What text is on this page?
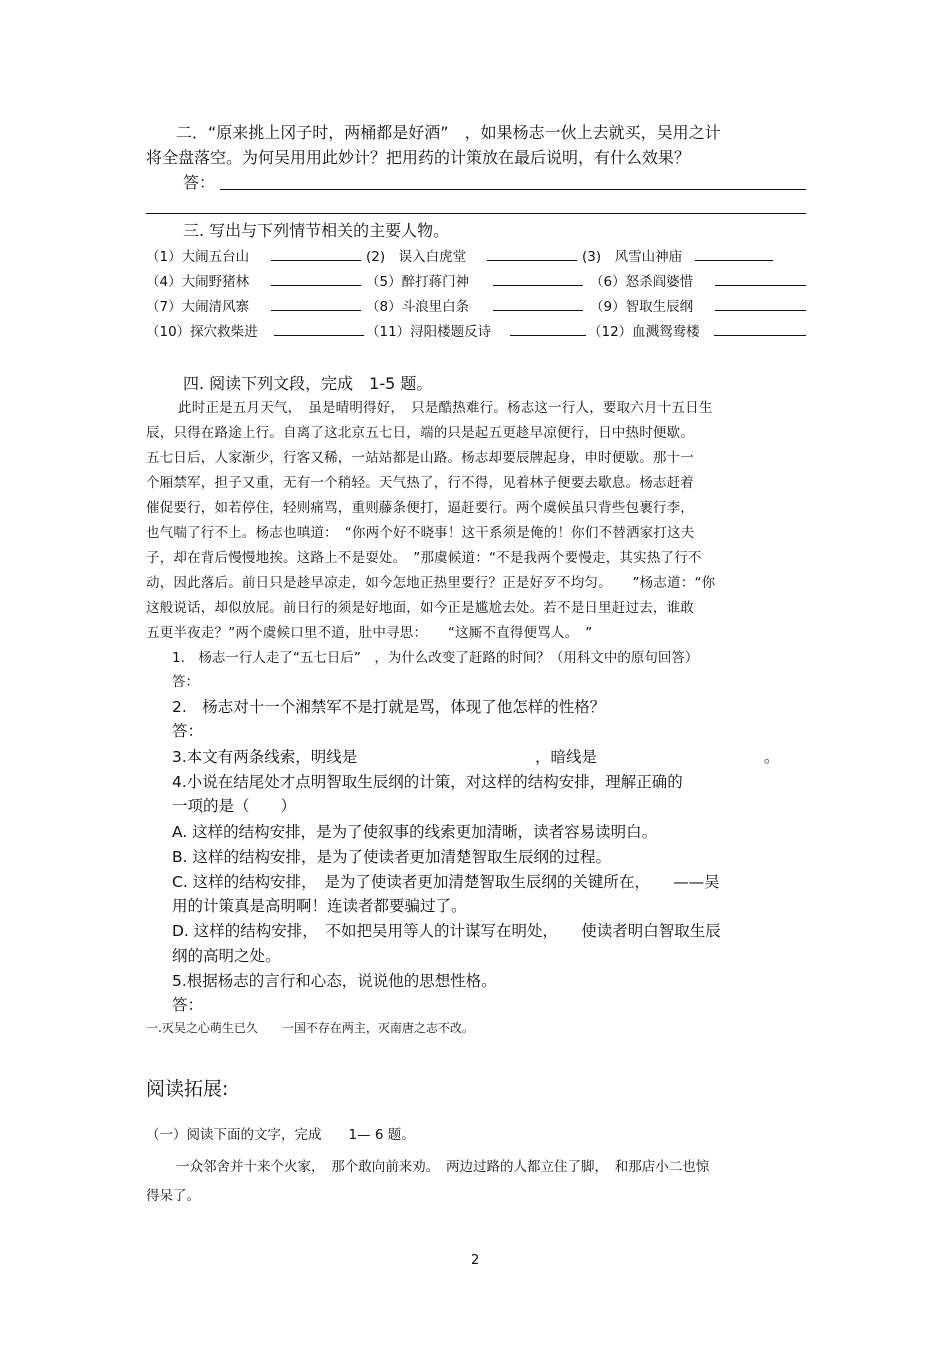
二．“原来挑上冈子时，两桶都是好酒”　，如果杨志一伙上去就买，吴用之计
将全盘落空。为何吴用用此妙计？把用药的计策放在最后说明，有什么效果？
答：
三. 写出与下列情节相关的主要人物。
（1）大闹五台山	(2)　误入白虎堂	(3)　风雪山神庙
（4）大闹野猪林	（5）醉打蒋门神	（6）怒杀阎婆惜
（7）大闹清风寨	（8）斗浪里白条	（9）智取生辰纲
（10）探穴救柴进	（11）浔阳楼题反诗	（12）血溅鸳鸯楼
四. 阅读下列文段，完成　1-5 题。
此时正是五月天气，　虽是晴明得好，　只是酷热难行。杨志这一行人，要取六月十五日生
辰，只得在路途上行。自离了这北京五七日，端的只是起五更趁早凉便行，日中热时便歇。
五七日后，人家渐少，行客又稀，一站站都是山路。杨志却要辰牌起身，申时便歇。那十一
个厢禁军，担子又重，无有一个稍轻。天气热了，行不得，见着林子便要去歇息。杨志赶着
催促要行，如若停住，轻则痛骂，重则藤条便打，逼赶要行。两个虞候虽只背些包裹行李，
也气喘了行不上。杨志也嗔道：　“你两个好不晓事！这干系须是俺的！你们不替洒家打这夫
子，却在背后慢慢地挨。这路上不是耍处。　”那虞候道：“不是我两个要慢走，其实热了行不
动，因此落后。前日只是趁早凉走，如今怎地正热里要行？正是好歹不均匀。　　”杨志道：“你
这般说话，却似放屁。前日行的须是好地面，如今正是尴尬去处。若不是日里赶过去，谁敢
五更半夜走？”两个虞候口里不道，肚中寻思：　　“这厮不直得便骂人。　”
1.　杨志一行人走了“五七日后”　，为什么改变了赶路的时间？（用科文中的原句回答）
答：
2.　杨志对十一个湘禁军不是打就是骂，体现了他怎样的性格？
答：
3.本文有两条线索，明线是	，暗线是	。
4.小说在结尾处才点明智取生辰纲的计策，对这样的结构安排，理解正确的
一项的是（　　）
A. 这样的结构安排，是为了使叙事的线索更加清晰，读者容易读明白。
B. 这样的结构安排，是为了使读者更加清楚智取生辰纲的过程。
C. 这样的结构安排，　是为了使读者更加清楚智取生辰纲的关键所在，　　——吴
用的计策真是高明啊！连读者都要骗过了。
D. 这样的结构安排，　不如把吴用等人的计谋写在明处，　　使读者明白智取生辰
纲的高明之处。
5.根据杨志的言行和心态，说说他的思想性格。
答：
一.灭吴之心萌生已久　　一国不存在两主，灭南唐之志不改。
阅读拓展:
（一）阅读下面的文字，完成　　1— 6 题。
一众邻舍并十来个火家，　那个敢向前来劝。　两边过路的人都立住了脚，　和那店小二也惊
得呆了。
2
